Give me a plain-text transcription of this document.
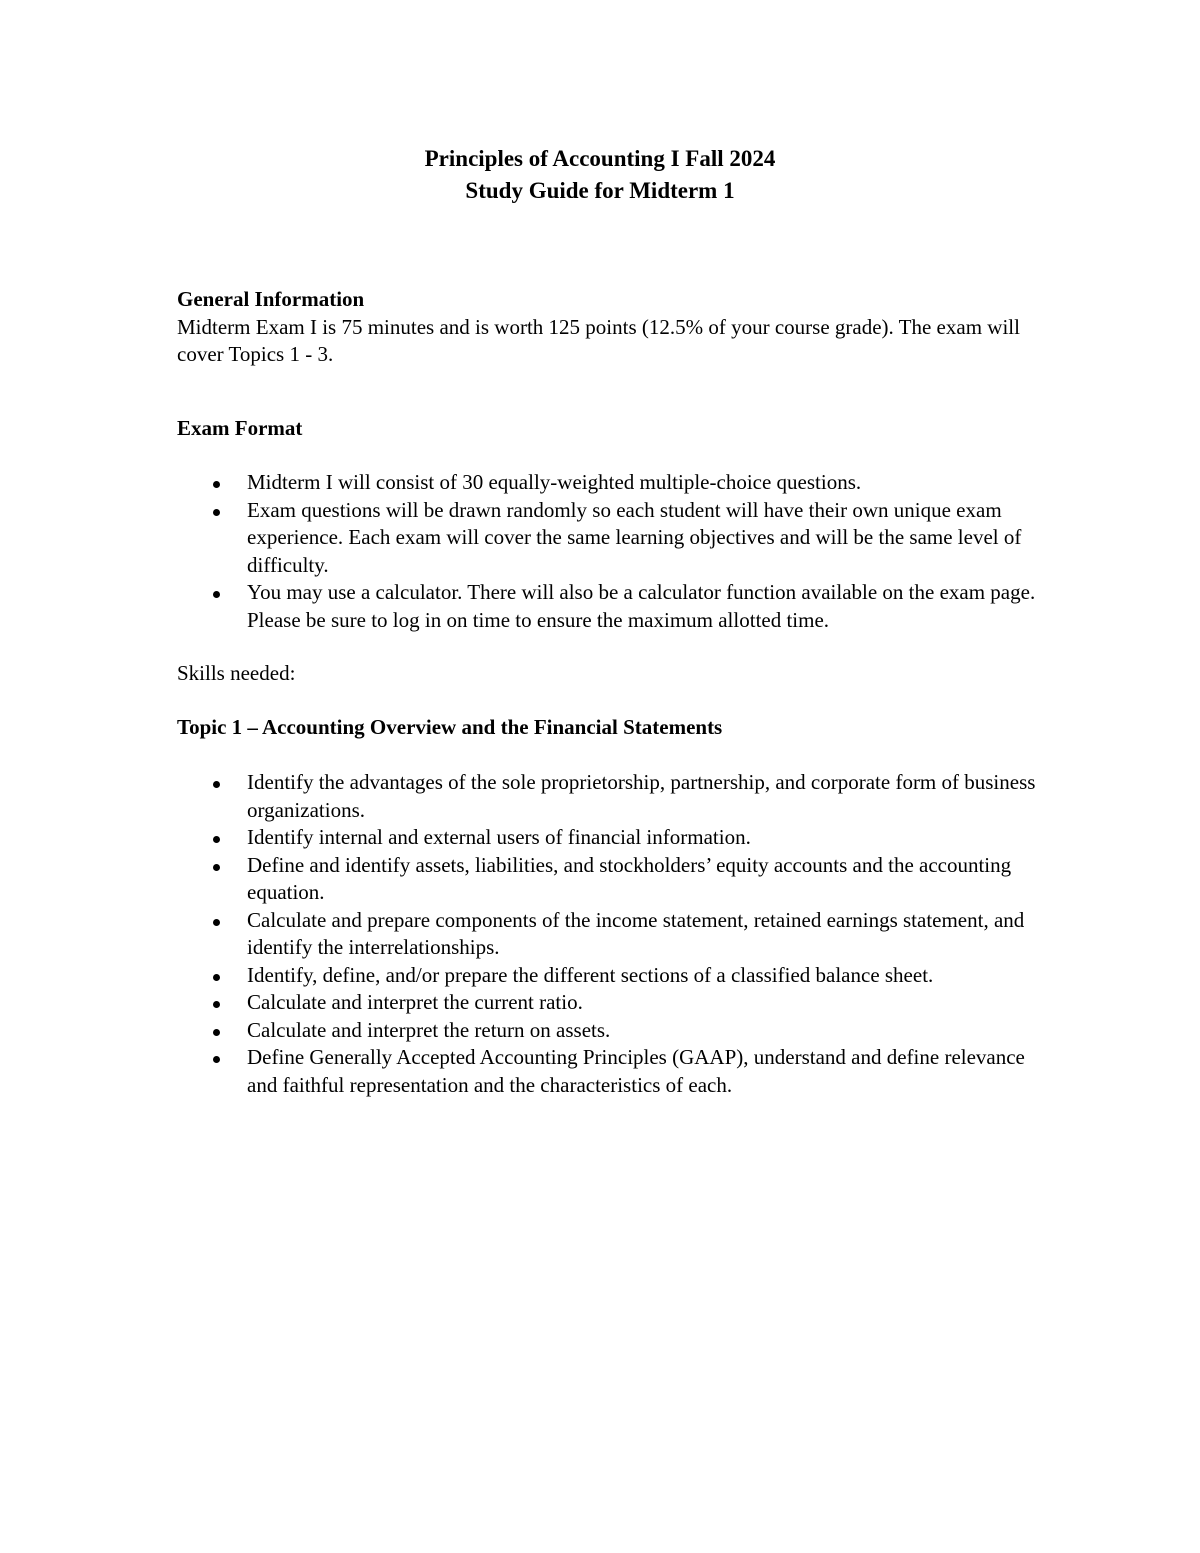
Principles of Accounting I Fall 2024
Study Guide for Midterm 1

General Information

Midterm Exam I is 75 minutes and is worth 125 points (12.5% of your course grade). The exam will cover Topics 1 - 3.

Exam Format

Midterm I will consist of 30 equally-weighted multiple-choice questions.
Exam questions will be drawn randomly so each student will have their own unique exam experience. Each exam will cover the same learning objectives and will be the same level of difficulty.
You may use a calculator. There will also be a calculator function available on the exam page. Please be sure to log in on time to ensure the maximum allotted time.

Skills needed:

Topic 1 – Accounting Overview and the Financial Statements

Identify the advantages of the sole proprietorship, partnership, and corporate form of business organizations.
Identify internal and external users of financial information.
Define and identify assets, liabilities, and stockholders’ equity accounts and the accounting equation.
Calculate and prepare components of the income statement, retained earnings statement, and identify the interrelationships.
Identify, define, and/or prepare the different sections of a classified balance sheet.
Calculate and interpret the current ratio.
Calculate and interpret the return on assets.
Define Generally Accepted Accounting Principles (GAAP), understand and define relevance and faithful representation and the characteristics of each.
